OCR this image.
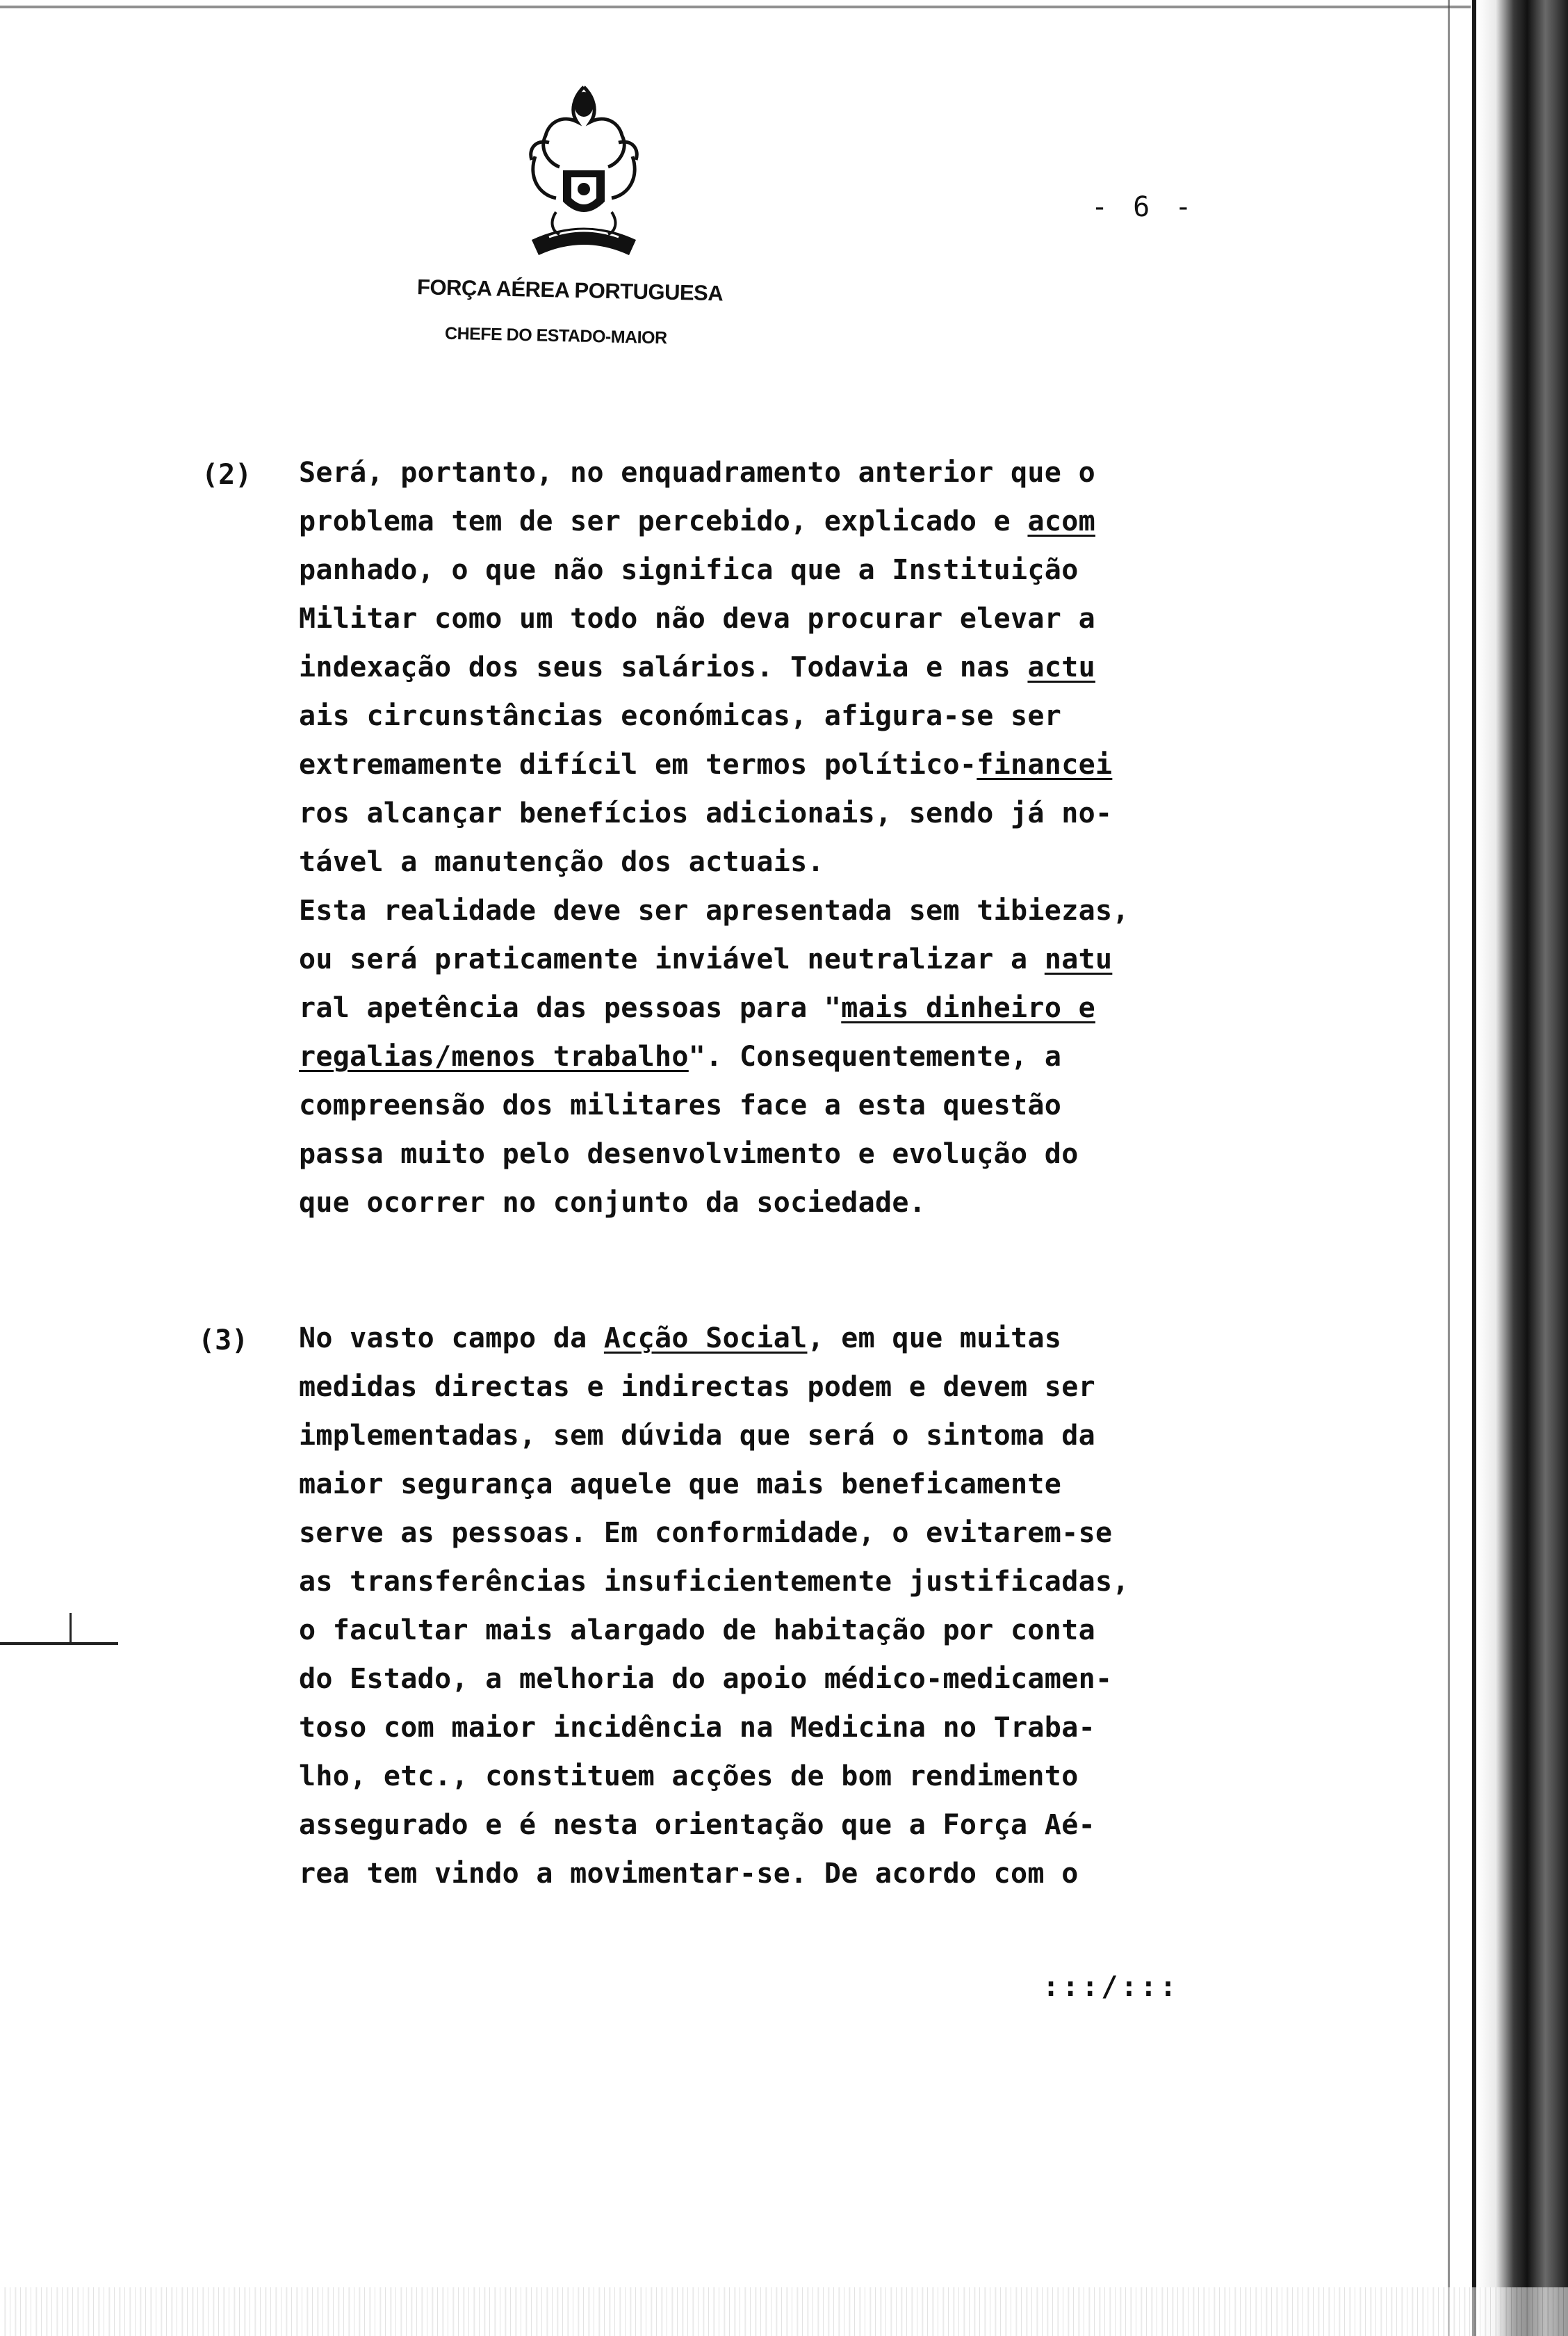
FORÇA AÉREA PORTUGUESA
CHEFE DO ESTADO-MAIOR
- 6 -
(2) Será, portanto, no enquadramento anterior que o
problema tem de ser percebido, explicado e acom
panhado, o que não significa que a Instituição
Militar como um todo não deva procurar elevar a
indexação dos seus salários. Todavia e nas actu
ais circunstâncias económicas, afigura-se ser
extremamente difícil em termos político-financei
ros alcançar benefícios adicionais, sendo já no-
tável a manutenção dos actuais.
Esta realidade deve ser apresentada sem tibiezas,
ou será praticamente inviável neutralizar a natu
ral apetência das pessoas para "mais dinheiro e
regalias/menos trabalho". Consequentemente, a
compreensão dos militares face a esta questão
passa muito pelo desenvolvimento e evolução do
que ocorrer no conjunto da sociedade.
(3) No vasto campo da Acção Social, em que muitas
medidas directas e indirectas podem e devem ser
implementadas, sem dúvida que será o sintoma da
maior segurança aquele que mais beneficamente
serve as pessoas. Em conformidade, o evitarem-se
as transferências insuficientemente justificadas,
o facultar mais alargado de habitação por conta
do Estado, a melhoria do apoio médico-medicamen-
toso com maior incidência na Medicina no Traba-
lho, etc., constituem acções de bom rendimento
assegurado e é nesta orientação que a Força Aé-
rea tem vindo a movimentar-se. De acordo com o
:::/:::
